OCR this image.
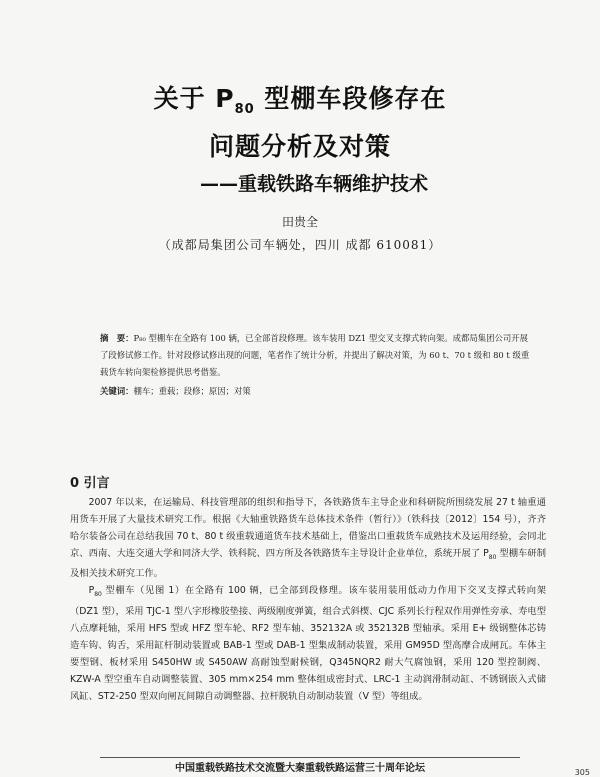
关于 $P_{80}$ 型棚车段修存在
问题分析及对策
——重载铁路车辆维护技术
田贵全
（成都局集团公司车辆处，四川 成都 610081）

摘　要：P₈₀ 型棚车在全路有 100 辆，已全部首段修理。该车装用 DZ1 型交叉支撑式转向架。成都局集团公司开展了段修试修工作。针对段修试修出现的问题，笔者作了统计分析，并提出了解决对策，为 60 t、70 t 级和 80 t 级重载货车转向架检修提供思考借鉴。

关键词：棚车；重载；段修；原因；对策

0 引言

2007 年以来，在运输局、科技管理部的组织和指导下，各铁路货车主导企业和科研院所围绕发展 27 t 轴重通用货车开展了大量技术研究工作。根据《大轴重铁路货车总体技术条件（暂行）》（铁科技〔2012〕154 号），齐齐哈尔装备公司在总结我国 70 t、80 t 级重载通道货车技术基础上，借鉴出口重载货车成熟技术及运用经验，会同北京、西南、大连交通大学和同济大学、铁科院、四方所及各铁路货车主导设计企业单位，系统开展了 $P_{80}$ 型棚车研制及相关技术研究工作。

$P_{80}$ 型棚车（见图 1）在全路有 100 辆，已全部到段修理。该车装用装用低动力作用下交叉支撑式转向架（DZ1 型），采用 TJC-1 型八字形橡胶垫接、两级刚度弹簧，组合式斜楔、CJC 系列长行程双作用弹性旁承、寿电型八点摩耗轴，采用 HFS 型或 HFZ 型车轮、RF2 型车轴、352132A 或 352132B 型轴承。采用 E+ 级钢整体芯铸造车钩、钩舌，采用缸杆制动装置或 BAB-1 型或 DAB-1 型集成制动装置，采用 GM95D 型高摩合成闸瓦。车体主要型钢、板材采用 S450HW 或 S450AW 高耐蚀型耐候钢，Q345NQR2 耐大气腐蚀钢，采用 120 型控制阀、KZW-A 型空重车自动调整装置、305 mm×254 mm 整体组成密封式、LRC-1 主动润滑制动缸、不锈钢嵌入式储风缸、ST2-250 型双向闸瓦间隙自动调整器、拉杆脱轨自动制动装置（V 型）等组成。

中国重载铁路技术交流暨大秦重载铁路运营三十周年论坛	305
